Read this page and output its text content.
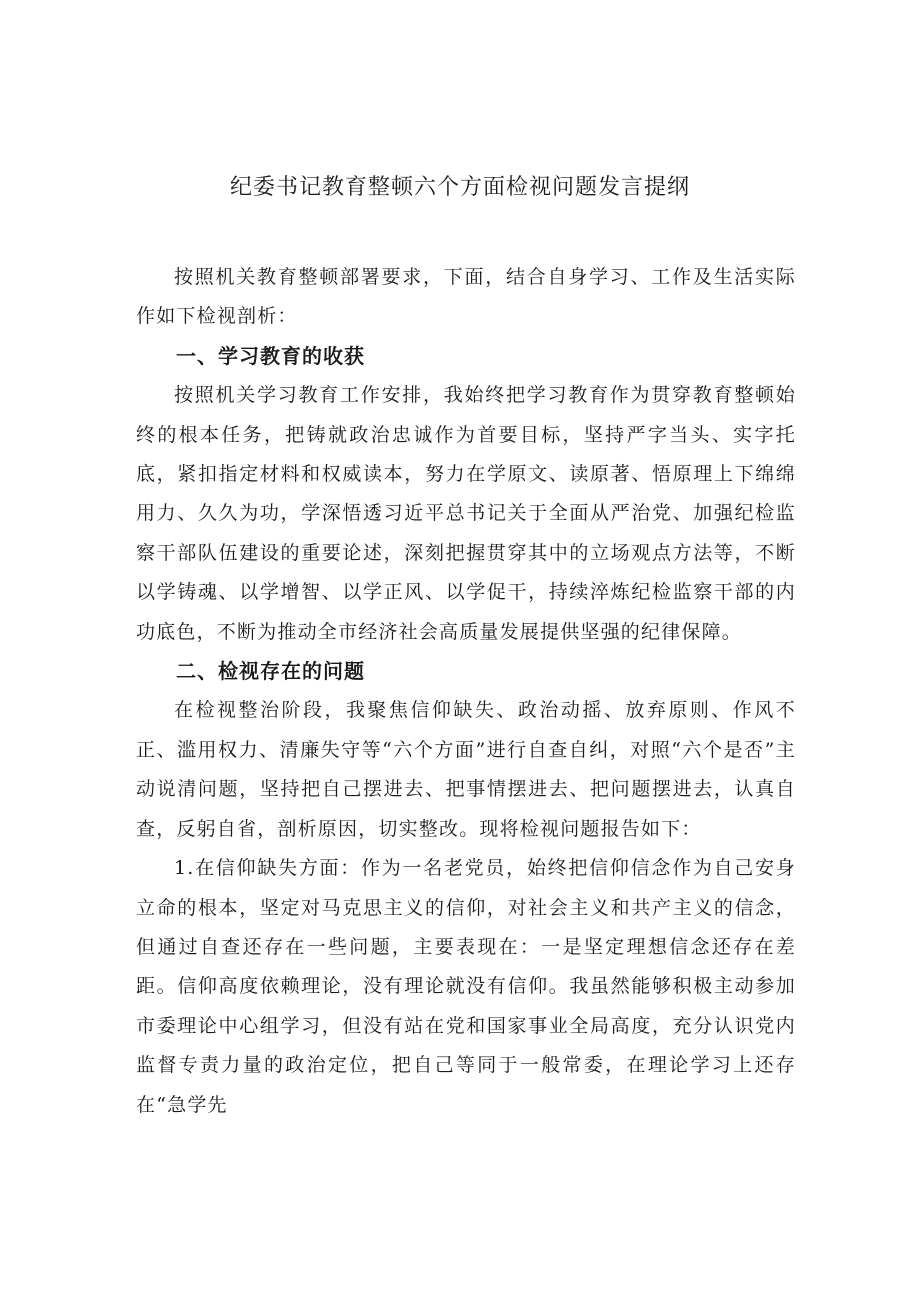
纪委书记教育整顿六个方面检视问题发言提纲

按照机关教育整顿部署要求，下面，结合自身学习、工作及生活实际作如下检视剖析：

一、学习教育的收获

按照机关学习教育工作安排，我始终把学习教育作为贯穿教育整顿始终的根本任务，把铸就政治忠诚作为首要目标，坚持严字当头、实字托底，紧扣指定材料和权威读本，努力在学原文、读原著、悟原理上下绵绵用力、久久为功，学深悟透习近平总书记关于全面从严治党、加强纪检监察干部队伍建设的重要论述，深刻把握贯穿其中的立场观点方法等，不断以学铸魂、以学增智、以学正风、以学促干，持续淬炼纪检监察干部的内功底色，不断为推动全市经济社会高质量发展提供坚强的纪律保障。

二、检视存在的问题

在检视整治阶段，我聚焦信仰缺失、政治动摇、放弃原则、作风不正、滥用权力、清廉失守等“六个方面”进行自查自纠，对照“六个是否”主动说清问题，坚持把自己摆进去、把事情摆进去、把问题摆进去，认真自查，反躬自省，剖析原因，切实整改。现将检视问题报告如下：

1.在信仰缺失方面：作为一名老党员，始终把信仰信念作为自己安身立命的根本，坚定对马克思主义的信仰，对社会主义和共产主义的信念，但通过自查还存在一些问题，主要表现在：一是坚定理想信念还存在差距。信仰高度依赖理论，没有理论就没有信仰。我虽然能够积极主动参加市委理论中心组学习，但没有站在党和国家事业全局高度，充分认识党内监督专责力量的政治定位，把自己等同于一般常委，在理论学习上还存在“急学先
